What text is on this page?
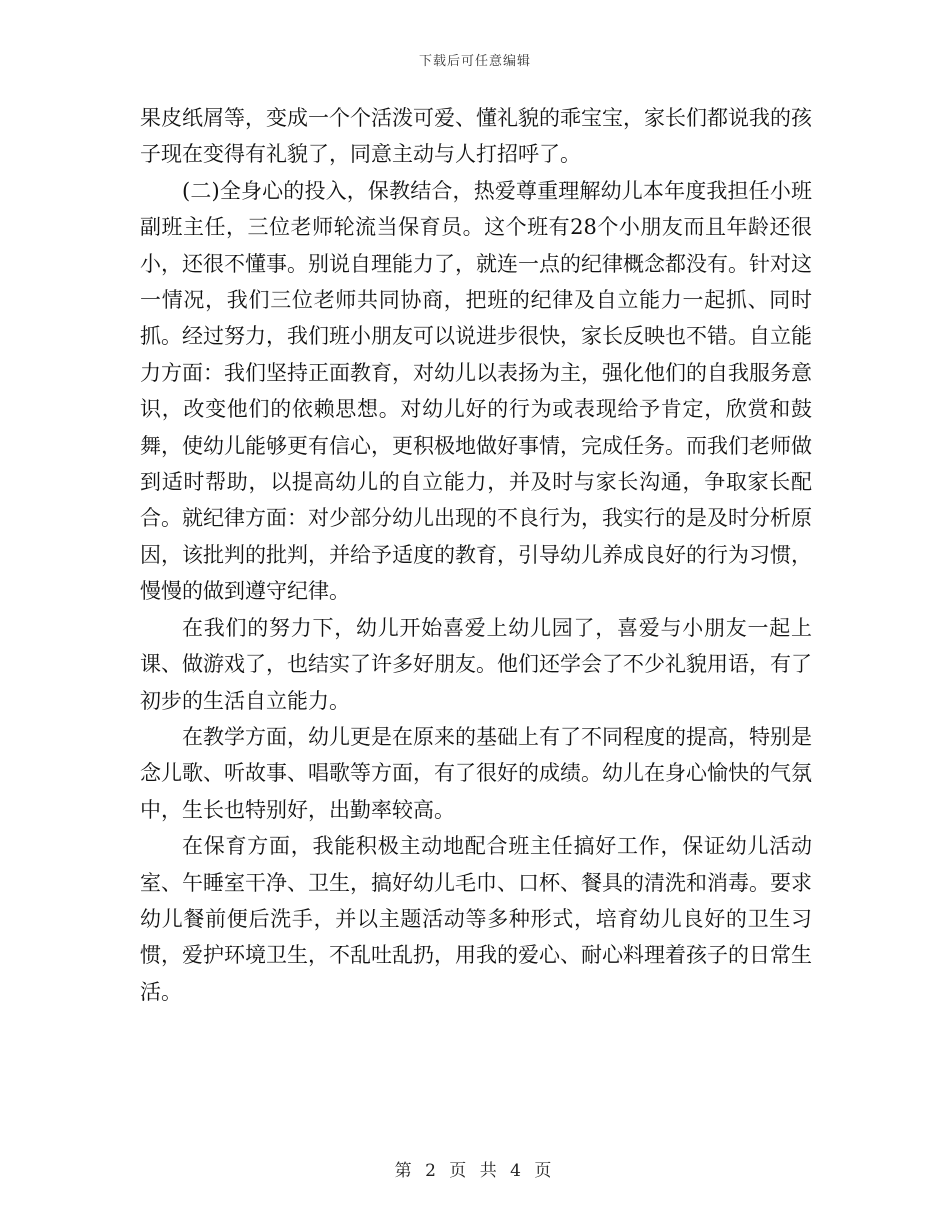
下载后可任意编辑

果皮纸屑等，变成一个个活泼可爱、懂礼貌的乖宝宝，家长们都说我的孩子现在变得有礼貌了，同意主动与人打招呼了。

(二)全身心的投入，保教结合，热爱尊重理解幼儿本年度我担任小班副班主任，三位老师轮流当保育员。这个班有28个小朋友而且年龄还很小，还很不懂事。别说自理能力了，就连一点的纪律概念都没有。针对这一情况，我们三位老师共同协商，把班的纪律及自立能力一起抓、同时抓。经过努力，我们班小朋友可以说进步很快，家长反映也不错。自立能力方面：我们坚持正面教育，对幼儿以表扬为主，强化他们的自我服务意识，改变他们的依赖思想。对幼儿好的行为或表现给予肯定，欣赏和鼓舞，使幼儿能够更有信心，更积极地做好事情，完成任务。而我们老师做到适时帮助，以提高幼儿的自立能力，并及时与家长沟通，争取家长配合。就纪律方面：对少部分幼儿出现的不良行为，我实行的是及时分析原因，该批判的批判，并给予适度的教育，引导幼儿养成良好的行为习惯，慢慢的做到遵守纪律。

在我们的努力下，幼儿开始喜爱上幼儿园了，喜爱与小朋友一起上课、做游戏了，也结实了许多好朋友。他们还学会了不少礼貌用语，有了初步的生活自立能力。

在教学方面，幼儿更是在原来的基础上有了不同程度的提高，特别是念儿歌、听故事、唱歌等方面，有了很好的成绩。幼儿在身心愉快的气氛中，生长也特别好，出勤率较高。

在保育方面，我能积极主动地配合班主任搞好工作，保证幼儿活动室、午睡室干净、卫生，搞好幼儿毛巾、口杯、餐具的清洗和消毒。要求幼儿餐前便后洗手，并以主题活动等多种形式，培育幼儿良好的卫生习惯，爱护环境卫生，不乱吐乱扔，用我的爱心、耐心料理着孩子的日常生活。

第 2 页 共 4 页
